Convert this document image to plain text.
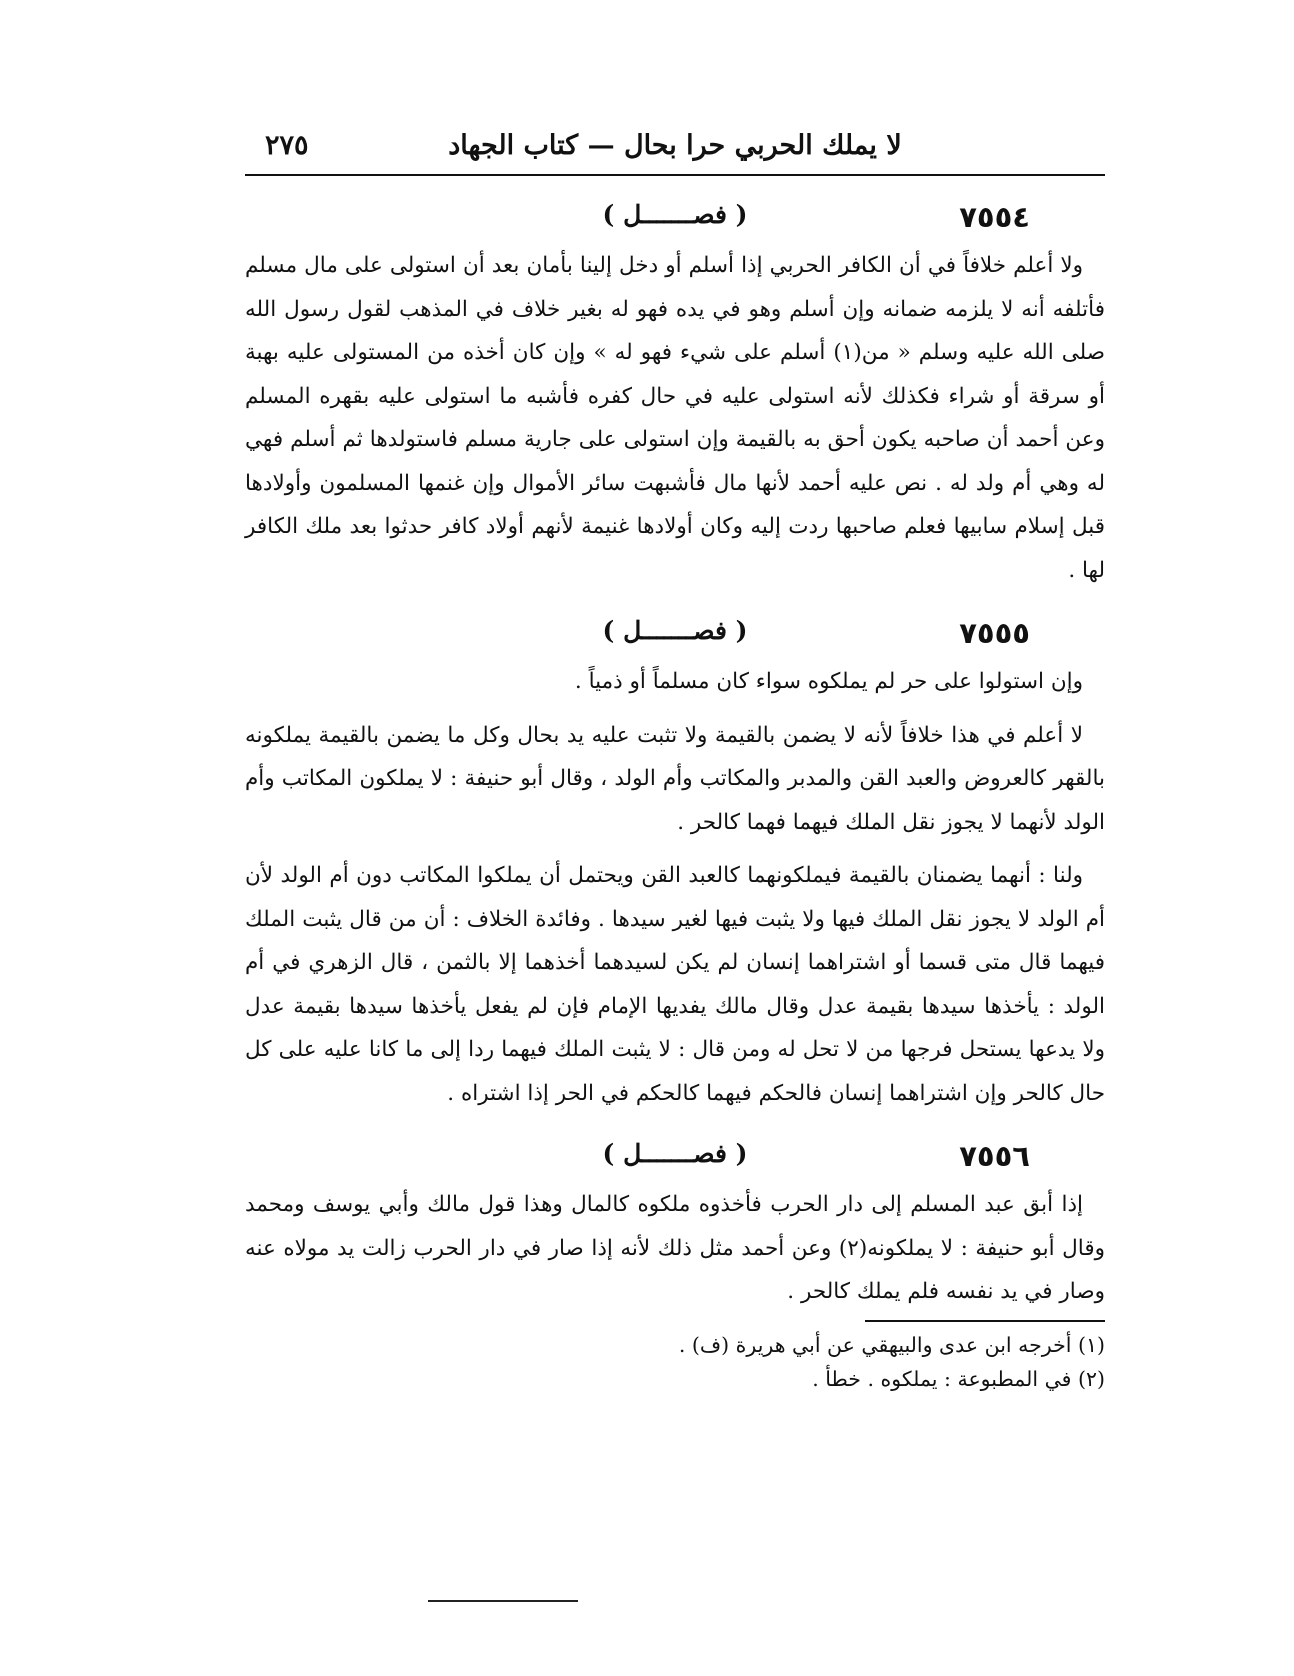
لا يملك الحربي حرا بحال — كتاب الجهاد
٢٧٥
٧٥٥٤
( فصـــــــل )

ولا أعلم خلافاً في أن الكافر الحربي إذا أسلم أو دخل إلينا بأمان بعد أن استولى على مال مسلم فأتلفه أنه لا يلزمه ضمانه وإن أسلم وهو في يده فهو له بغير خلاف في المذهب لقول رسول الله صلى الله عليه وسلم « من(١) أسلم على شيء فهو له » وإن كان أخذه من المستولى عليه بهبة أو سرقة أو شراء فكذلك لأنه استولى عليه في حال كفره فأشبه ما استولى عليه بقهره المسلم وعن أحمد أن صاحبه يكون أحق به بالقيمة وإن استولى على جارية مسلم فاستولدها ثم أسلم فهي له وهي أم ولد له . نص عليه أحمد لأنها مال فأشبهت سائر الأموال وإن غنمها المسلمون وأولادها قبل إسلام سابيها فعلم صاحبها ردت إليه وكان أولادها غنيمة لأنهم أولاد كافر حدثوا بعد ملك الكافر لها .

٧٥٥٥
( فصـــــــل )

وإن استولوا على حر لم يملكوه سواء كان مسلماً أو ذمياً .

لا أعلم في هذا خلافاً لأنه لا يضمن بالقيمة ولا تثبت عليه يد بحال وكل ما يضمن بالقيمة يملكونه بالقهر كالعروض والعبد القن والمدبر والمكاتب وأم الولد ، وقال أبو حنيفة : لا يملكون المكاتب وأم الولد لأنهما لا يجوز نقل الملك فيهما فهما كالحر .

ولنا : أنهما يضمنان بالقيمة فيملكونهما كالعبد القن ويحتمل أن يملكوا المكاتب دون أم الولد لأن أم الولد لا يجوز نقل الملك فيها ولا يثبت فيها لغير سيدها . وفائدة الخلاف : أن من قال يثبت الملك فيهما قال متى قسما أو اشتراهما إنسان لم يكن لسيدهما أخذهما إلا بالثمن ، قال الزهري في أم الولد : يأخذها سيدها بقيمة عدل وقال مالك يفديها الإمام فإن لم يفعل يأخذها سيدها بقيمة عدل ولا يدعها يستحل فرجها من لا تحل له ومن قال : لا يثبت الملك فيهما ردا إلى ما كانا عليه على كل حال كالحر وإن اشتراهما إنسان فالحكم فيهما كالحكم في الحر إذا اشتراه .

٧٥٥٦
( فصـــــــل )

إذا أبق عبد المسلم إلى دار الحرب فأخذوه ملكوه كالمال وهذا قول مالك وأبي يوسف ومحمد وقال أبو حنيفة : لا يملكونه(٢) وعن أحمد مثل ذلك لأنه إذا صار في دار الحرب زالت يد مولاه عنه وصار في يد نفسه فلم يملك كالحر .

(١) أخرجه ابن عدى والبيهقي عن أبي هريرة (ف) .

(٢) في المطبوعة : يملكوه . خطأ .
